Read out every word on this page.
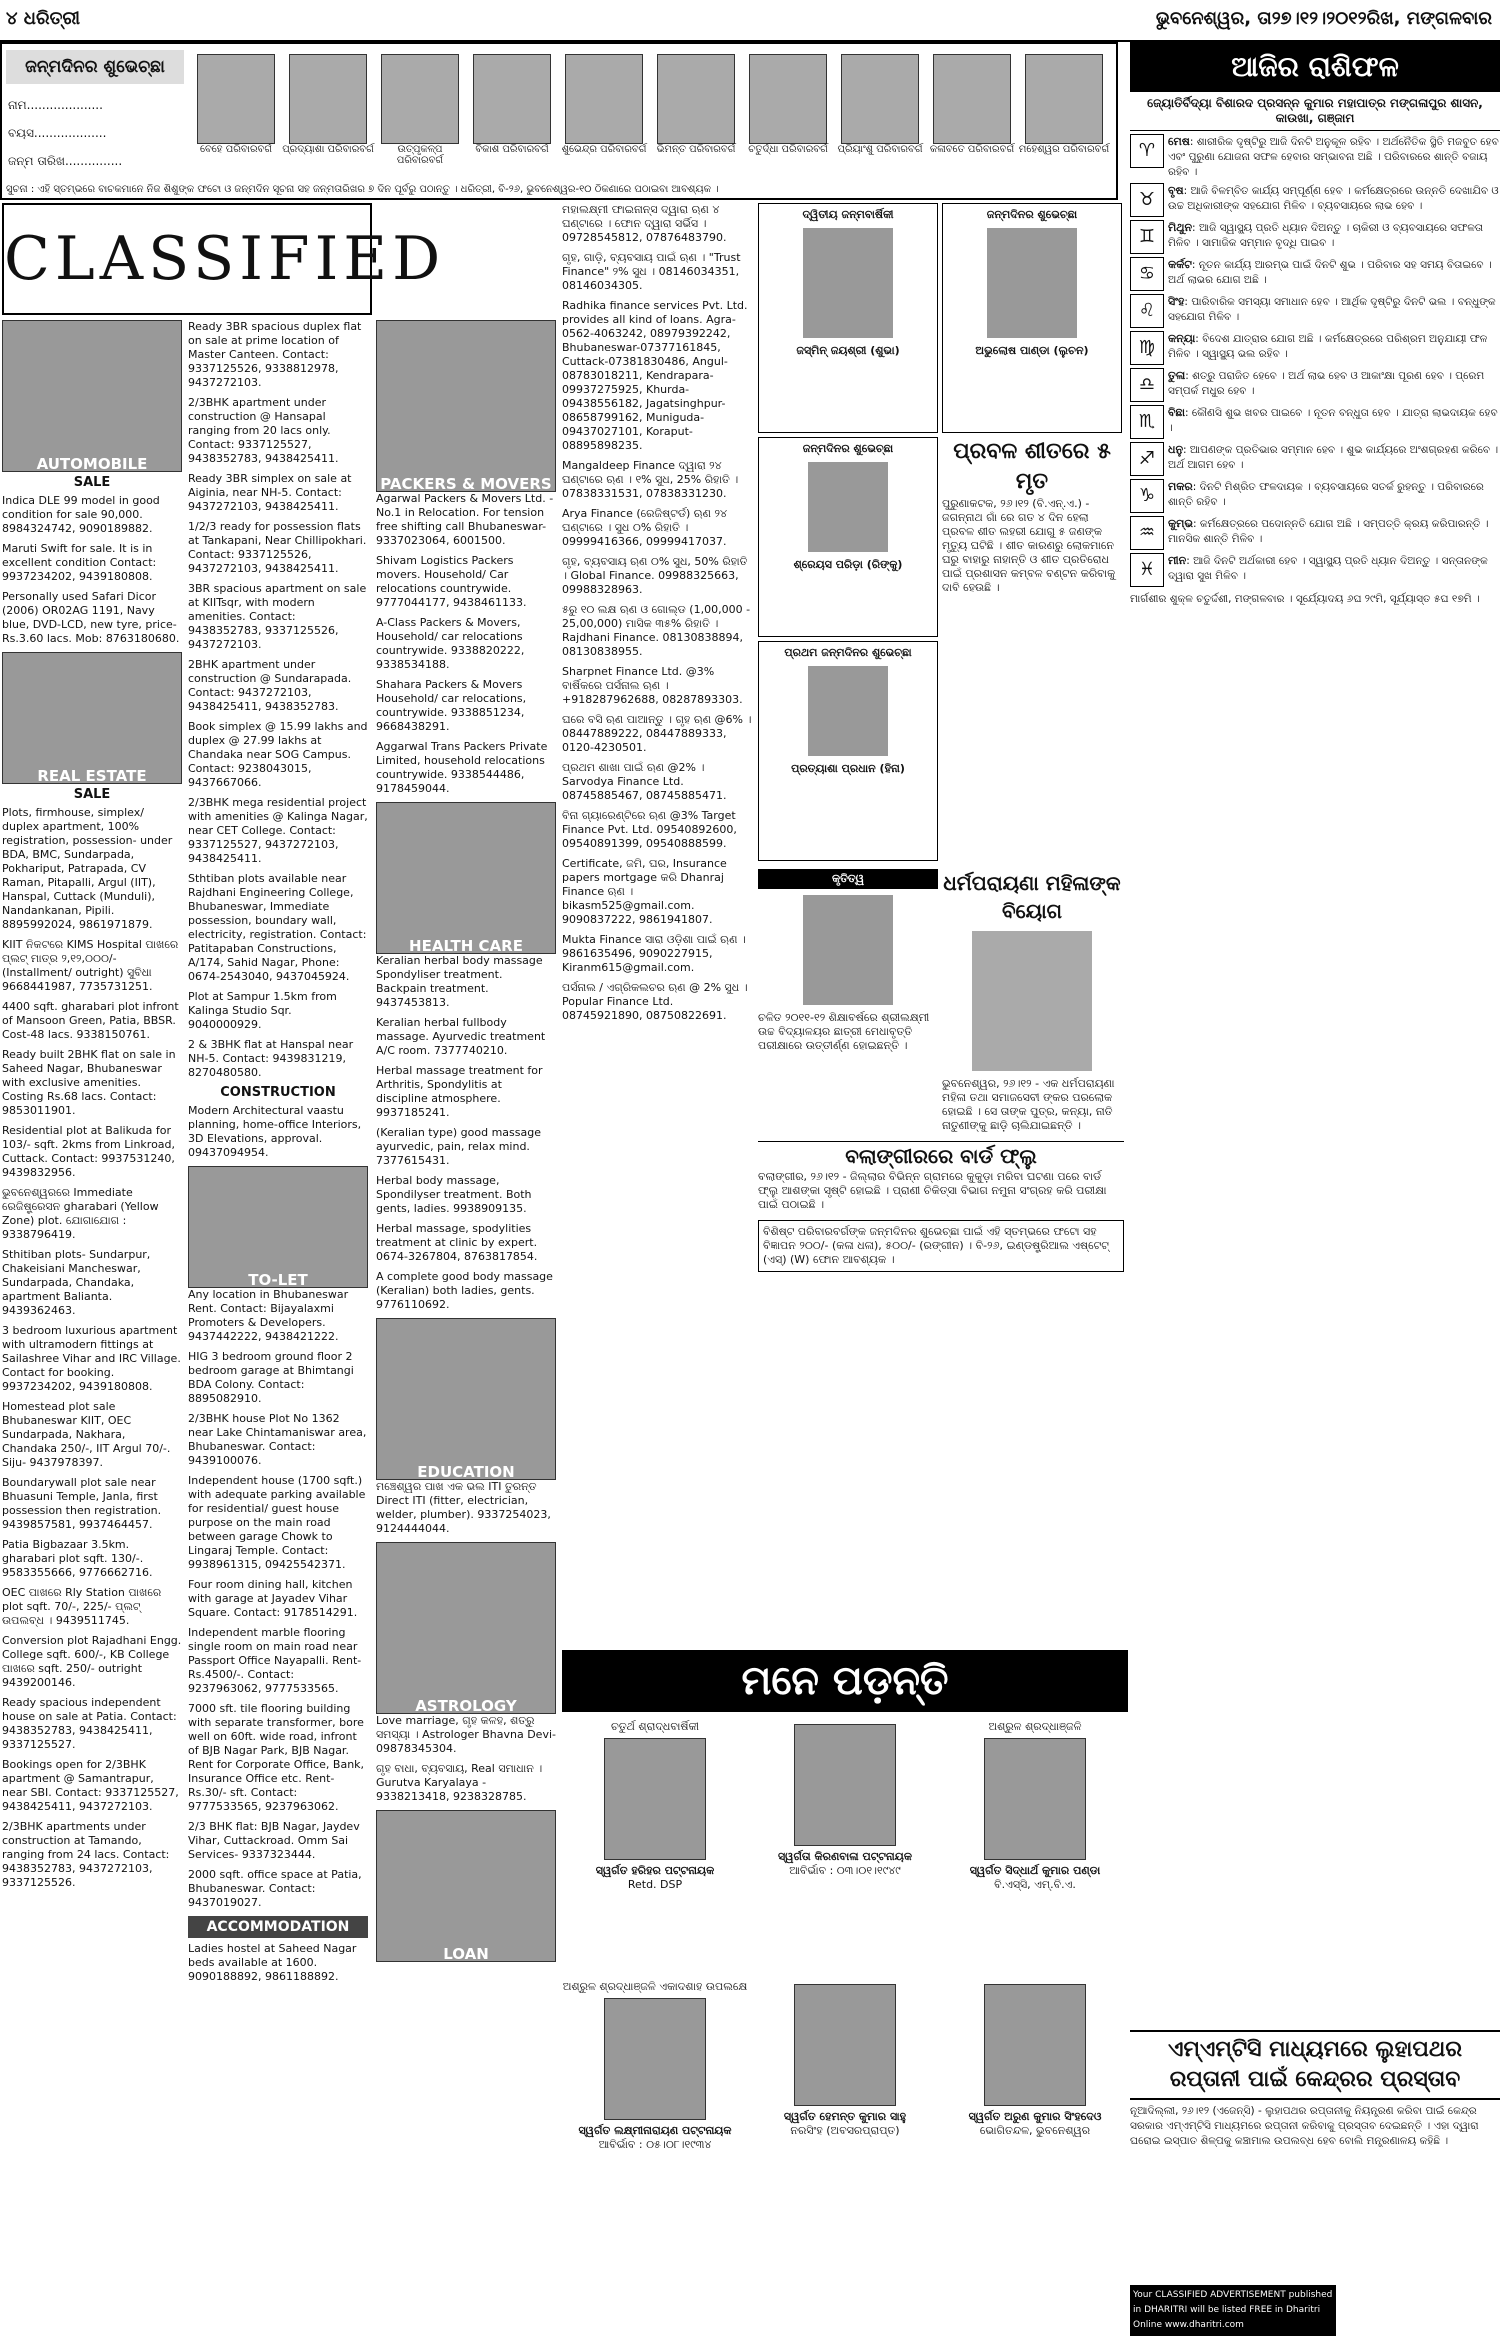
୪ ଧରିତ୍ରୀ	ଭୁବନେଶ୍ୱର, ତା୨୭।୧୨।୨୦୧୨ରିଖ, ମଙ୍ଗଳବାର
ଜନ୍ମଦିନର ଶୁଭେଚ୍ଛା
ନାମ....................
ବୟସ...................
ଜନ୍ମ ତାରିଖ...............
ବେହେ ପରିବାରବର୍ଗ ପ୍ରଦ୍ୟାଶା ପରିବାରବର୍ଗ	ଉତ୍ପୃକଳ୍ପ ପରିବାରବର୍ଗ
ବିକାଶ ପରିବାରବର୍ଗ ଶୁଭେନ୍ଦ୍ର ପରିବାରବର୍ଗ ଭିମନ୍ତ ପରିବାରବର୍ଗ ଚତୁର୍ଦ୍ଧା ପରିବାରବର୍ଗ ପ୍ରିୟାଂଶୁ ପରିବାରବର୍ଗ କଳାବତେ ପରିବାରବର୍ଗ ମହେଶ୍ୱର ପରିବାରବର୍ଗ
ସୁଚନା : ଏହି ସ୍ତମ୍ଭରେ ବାଚକମାନେ ନିଜ ଶିଶୁଙ୍କ ଫଟୋ ଓ ଜନ୍ମଦିନ ସୂଚନା ସହ ଜନ୍ମତାରିଖର ୭ ଦିନ ପୂର୍ବରୁ ପଠାନ୍ତୁ । ଧରିତ୍ରୀ, ବି-୨୬, ଭୁବନେଶ୍ୱର-୧୦ ଠିକଣାରେ ପଠାଇବା ଆବଶ୍ୟକ ।
CLASSIFIED
AUTOMOBILE
SALE

Indica DLE 99 model in good condition for sale 90,000. 8984324742, 9090189882.

Maruti Swift for sale. It is in excellent condition Contact: 9937234202, 9439180808.

Personally used Safari Dicor (2006) OR02AG 1191, Navy blue, DVD-LCD, new tyre, price- Rs.3.60 lacs. Mob: 8763180680.

REAL ESTATE
SALE

Plots, firmhouse, simplex/ duplex apartment, 100% registration, possession- under BDA, BMC, Sundarpada, Pokhariput, Patrapada, CV Raman, Pitapalli, Argul (IIT), Hanspal, Cuttack (Munduli), Nandankanan, Pipili. 8895992024, 9861971879.

KIIT ନିକଟରେ KIMS Hospital ପାଖରେ ପ୍ଲଟ୍ ମାତ୍ର ୨,୧୨,୦୦୦/- (Installment/ outright) ସୁବିଧା 9668441987, 7735731251.

4400 sqft. gharabari plot infront of Mansoon Green, Patia, BBSR. Cost-48 lacs. 9338150761.

Ready built 2BHK flat on sale in Saheed Nagar, Bhubaneswar with exclusive amenities. Costing Rs.68 lacs. Contact: 9853011901.

Residential plot at Balikuda for 103/- sqft. 2kms from Linkroad, Cuttack. Contact: 9937531240, 9439832956.

ଭୁବନେଶ୍ୱରରେ Immediate ରେଜିଷ୍ଟ୍ରେସନ gharabari (Yellow Zone) plot. ଯୋଗାଯୋଗ : 9338796419.

Sthitiban plots- Sundarpur, Chakeisiani Mancheswar, Sundarpada, Chandaka, apartment Balianta. 9439362463.

3 bedroom luxurious apartment with ultramodern fittings at Sailashree Vihar and IRC Village. Contact for booking. 9937234202, 9439180808.

Homestead plot sale Bhubaneswar KIIT, OEC Sundarpada, Nakhara, Chandaka 250/-, IIT Argul 70/-. Siju- 9437978397.

Boundarywall plot sale near Bhuasuni Temple, Janla, first possession then registration. 9439857581, 9937464457.

Patia Bigbazaar 3.5km. gharabari plot sqft. 130/-. 9583355666, 9776662716.

OEC ପାଖରେ Rly Station ପାଖରେ plot sqft. 70/-, 225/- ପ୍ଲଟ୍ ଉପଲବ୍ଧ । 9439511745.

Conversion plot Rajadhani Engg. College sqft. 600/-, KB College ପାଖରେ sqft. 250/- outright 9439200146.

Ready spacious independent house on sale at Patia. Contact: 9438352783, 9438425411, 9337125527.

Bookings open for 2/3BHK apartment @ Samantrapur, near SBI. Contact: 9337125527, 9438425411, 9437272103.

2/3BHK apartments under construction at Tamando, ranging from 24 lacs. Contact: 9438352783, 9437272103, 9337125526.

Ready 3BR spacious duplex flat on sale at prime location of Master Canteen. Contact: 9337125526, 9338812978, 9437272103.

2/3BHK apartment under construction @ Hansapal ranging from 20 lacs only. Contact: 9337125527, 9438352783, 9438425411.

Ready 3BR simplex on sale at Aiginia, near NH-5. Contact: 9437272103, 9438425411.

1/2/3 ready for possession flats at Tankapani, Near Chillipokhari. Contact: 9337125526, 9437272103, 9438425411.

3BR spacious apartment on sale at KIITsqr, with modern amenities. Contact: 9438352783, 9337125526, 9437272103.

2BHK apartment under construction @ Sundarapada. Contact: 9437272103, 9438425411, 9438352783.

Book simplex @ 15.99 lakhs and duplex @ 27.99 lakhs at Chandaka near SOG Campus. Contact: 9238043015, 9437667066.

2/3BHK mega residential project with amenities @ Kalinga Nagar, near CET College. Contact: 9337125527, 9437272103, 9438425411.

Sthtiban plots available near Rajdhani Engineering College, Bhubaneswar, Immediate possession, boundary wall, electricity, registration. Contact: Patitapaban Constructions, A/174, Sahid Nagar, Phone: 0674-2543040, 9437045924.

Plot at Sampur 1.5km from Kalinga Studio Sqr. 9040000929.

2 & 3BHK flat at Hanspal near NH-5. Contact: 9439831219, 8270480580.

CONSTRUCTION

Modern Architectural vaastu planning, home-office Interiors, 3D Elevations, approval. 09437094954.

TO-LET

Any location in Bhubaneswar Rent. Contact: Bijayalaxmi Promoters & Developers. 9437442222, 9438421222.

HIG 3 bedroom ground floor 2 bedroom garage at Bhimtangi BDA Colony. Contact: 8895082910.

2/3BHK house Plot No 1362 near Lake Chintamaniswar area, Bhubaneswar. Contact: 9439100076.

Independent house (1700 sqft.) with adequate parking available for residential/ guest house purpose on the main road between garage Chowk to Lingaraj Temple. Contact: 9938961315, 09425542371.

Four room dining hall, kitchen with garage at Jayadev Vihar Square. Contact: 9178514291.

Independent marble flooring single room on main road near Passport Office Nayapalli. Rent-Rs.4500/-. Contact: 9237963062, 9777533565.

7000 sft. tile flooring building with separate transformer, bore well on 60ft. wide road, infront of BJB Nagar Park, BJB Nagar. Rent for Corporate Office, Bank, Insurance Office etc. Rent- Rs.30/- sft. Contact: 9777533565, 9237963062.

2/3 BHK flat: BJB Nagar, Jaydev Vihar, Cuttackroad. Omm Sai Services- 9337323444.

2000 sqft. office space at Patia, Bhubaneswar. Contact: 9437019027.

ACCOMMODATION

Ladies hostel at Saheed Nagar beds available at 1600. 9090188892, 9861188892.

PACKERS & MOVERS

Agarwal Packers & Movers Ltd. - No.1 in Relocation. For tension free shifting call Bhubaneswar- 9337023064, 6001500.

Shivam Logistics Packers movers. Household/ Car relocations countrywide. 9777044177, 9438461133.

A-Class Packers & Movers, Household/ car relocations countrywide. 9338820222, 9338534188.

Shahara Packers & Movers Household/ car relocations, countrywide. 9338851234, 9668438291.

Aggarwal Trans Packers Private Limited, household relocations countrywide. 9338544486, 9178459044.

HEALTH CARE

Keralian herbal body massage Spondyliser treatment. Backpain treatment. 9437453813.

Keralian herbal fullbody massage. Ayurvedic treatment A/C room. 7377740210.

Herbal massage treatment for Arthritis, Spondylitis at discipline atmosphere. 9937185241.

(Keralian type) good massage ayurvedic, pain, relax mind. 7377615431.

Herbal body massage, Spondilyser treatment. Both gents, ladies. 9938909135.

Herbal massage, spodylities treatment at clinic by expert. 0674-3267804, 8763817854.

A complete good body massage (Keralian) both ladies, gents. 9776110692.

EDUCATION

ମଞ୍ଚେଶ୍ୱର ପାଖ ଏକ ଭଲ ITI ତୁରନ୍ତ Direct ITI (fitter, electrician, welder, plumber). 9337254023, 9124444044.

ASTROLOGY

Love marriage, ଗୃହ କଳହ, ଶତ୍ରୁ ସମସ୍ୟା । Astrologer Bhavna Devi- 09878345304.

ଗୃହ ବାଧା, ବ୍ୟବସାୟ, Real ସମାଧାନ । Gurutva Karyalaya - 9338213418, 9238328785.

LOAN

ମହାଲକ୍ଷ୍ମୀ ଫାଇନାନ୍ସ ଦ୍ୱାରା ଋଣ ୪ ଘଣ୍ଟାରେ । ଫୋନ ଦ୍ୱାରା ସର୍ଭିସ । 09728545812, 07876483790.

ଗୃହ, ଗାଡ଼ି, ବ୍ୟବସାୟ ପାଇଁ ଋଣ । "Trust Finance" ୨% ସୁଧ । 08146034351, 08146034305.

Radhika finance services Pvt. Ltd. provides all kind of loans. Agra-0562-4063242, 08979392242, Bhubaneswar-07377161845, Cuttack-07381830486, Angul-08783018211, Kendrapara-09937275925, Khurda-09438556182, Jagatsinghpur-08658799162, Muniguda-09437027101, Koraput-08895898235.

Mangaldeep Finance ଦ୍ୱାରା ୨୪ ଘଣ୍ଟାରେ ଋଣ । ୧% ସୁଧ, 25% ରିହାତି । 07838331531, 07838331230.

Arya Finance (ରେଜିଷ୍ଟର୍ଡ) ଋଣ ୨୪ ଘଣ୍ଟାରେ । ସୁଧ ୦% ରିହାତି । 09999416366, 09999417037.

ଗୃହ, ବ୍ୟବସାୟ ଋଣ ୦% ସୁଧ, 50% ରିହାତି । Global Finance. 09988325663, 09988328963.

୫ରୁ ୧୦ ଲକ୍ଷ ଋଣ ଓ ଗୋଲ୍ଡ (1,00,000 - 25,00,000) ମାସିକ ୩୫% ରିହାତି । Rajdhani Finance. 08130838894, 08130838955.

Sharpnet Finance Ltd. @3% ବାର୍ଷିକରେ ପର୍ସନାଲ ଋଣ । +918287962688, 08287893303.

ଘରେ ବସି ଋଣ ପାଆନ୍ତୁ । ଗୃହ ଋଣ @6% । 08447889222, 08447889333, 0120-4230501.

ପ୍ରଥମ ଶାଖା ପାଇଁ ଋଣ @2% । Sarvodya Finance Ltd. 08745885467, 08745885471.

ବିନା ଗ୍ୟାରେଣ୍ଟିରେ ଋଣ @3% Target Finance Pvt. Ltd. 09540892600, 09540891399, 09540888599.

Certificate, ଜମି, ଘର, Insurance papers mortgage କରି Dhanraj Finance ଋଣ । bikasm525@gmail.com. 9090837222, 9861941807.

Mukta Finance ସାରା ଓଡ଼ିଶା ପାଇଁ ଋଣ । 9861635496, 9090227915, Kiranm615@gmail.com.

ପର୍ସନାଲ / ଏଗ୍ରିକଲଚର ଋଣ @ 2% ସୁଧ । Popular Finance Ltd. 08745921890, 08750822691.

ଦ୍ୱିତୀୟ ଜନ୍ମବାର୍ଷିକୀ
ଜସ୍ମିନ୍ ଜୟଶ୍ରୀ (ଶୁଭା)
ଜନ୍ମଦିନର ଶୁଭେଚ୍ଛା
ଅଭୁଲୋଷ ପାଣ୍ଡା (ଲୁଚନ)
ଜନ୍ମଦିନର ଶୁଭେଚ୍ଛା
ଶ୍ରେୟସ ପରିଡ଼ା (ରିଙ୍କୁ)
ପ୍ରଥମ ଜନ୍ମଦିନର ଶୁଭେଚ୍ଛା
ପ୍ରତ୍ୟାଶା ପ୍ରଧାନ (ହିନା)
ପ୍ରବଳ ଶୀତରେ ୫ ମୃତ
ପୁରୁଣାକଟକ, ୨୬।୧୨ (ବି.ଏନ୍.ଏ.) - ଜଗନ୍ନାଥ ଗାଁ ରେ ଗତ ୪ ଦିନ ହେଲା ପ୍ରବଳ ଶୀତ ଲହରୀ ଯୋଗୁ ୫ ଜଣଙ୍କ ମୃତ୍ୟୁ ଘଟିଛି । ଶୀତ କାରଣରୁ ଲୋକମାନେ ଘରୁ ବାହାରୁ ନାହାନ୍ତି ଓ ଶୀତ ପ୍ରତିରୋଧ ପାଇଁ ପ୍ରଶାସନ କମ୍ବଳ ବଣ୍ଟନ କରିବାକୁ ଦାବି ହେଉଛି ।
କୃତିତ୍ୱ
ଚଳିତ ୨୦୧୧-୧୨ ଶିକ୍ଷାବର୍ଷରେ ଶ୍ରୀଲକ୍ଷ୍ମୀ ଉଚ୍ଚ ବିଦ୍ୟାଳୟର ଛାତ୍ରୀ ମେଧାବୃତ୍ତି ପରୀକ୍ଷାରେ ଉତ୍ତୀର୍ଣ୍ଣ ହୋଇଛନ୍ତି ।
ଧର୍ମପରାୟଣା ମହିଳାଙ୍କ ବିୟୋଗ
ଭୁବନେଶ୍ୱର, ୨୬।୧୨ - ଏକ ଧର୍ମପରାୟଣା ମହିଳା ତଥା ସମାଜସେବୀ ଙ୍କର ପରଲୋକ ହୋଇଛି । ସେ ତାଙ୍କ ପୁତ୍ର, କନ୍ୟା, ନାତି ନାତୁଣୀଙ୍କୁ ଛାଡ଼ି ଚାଲିଯାଇଛନ୍ତି ।
ବଲାଙ୍ଗୀରରେ ବାର୍ଡ ଫ୍ଲୁ
ବଲାଙ୍ଗୀର, ୨୬।୧୨ - ଜିଲ୍ଲାର ବିଭିନ୍ନ ଗ୍ରାମରେ କୁକୁଡ଼ା ମରିବା ଘଟଣା ପରେ ବାର୍ଡ ଫ୍ଲୁ ଆଶଙ୍କା ସୃଷ୍ଟି ହୋଇଛି । ପ୍ରାଣୀ ଚିକିତ୍ସା ବିଭାଗ ନମୁନା ସଂଗ୍ରହ କରି ପରୀକ୍ଷା ପାଇଁ ପଠାଇଛି ।
ବିଶିଷ୍ଟ ପରିବାରବର୍ଗଙ୍କ ଜନ୍ମଦିନର ଶୁଭେଚ୍ଛା ପାଇଁ ଏହି ସ୍ତମ୍ଭରେ ଫଟୋ ସହ ବିଜ୍ଞାପନ ୨୦୦/- (କଳା ଧଳା), ୫୦୦/- (ରଙ୍ଗୀନ) । ବି-୨୬, ଇଣ୍ଡଷ୍ଟ୍ରିଆଲ ଏଷ୍ଟେଟ୍ (ଏସ୍) (W) ଫୋନ ଆବଶ୍ୟକ ।
ମନେ ପଡ଼ନ୍ତି
ଚତୁର୍ଥ ଶ୍ରାଦ୍ଧବାର୍ଷିକୀ
ସ୍ୱର୍ଗତ ହରିହର ପଟ୍ଟନାୟକ
Retd. DSP
ସ୍ୱର୍ଗତା କିରଣବାଳା ପଟ୍ଟନାୟକ
ଆବିର୍ଭାବ : ୦୩।୦୧।୧୯୪୯
ଅଶ୍ରୁଳ ଶ୍ରଦ୍ଧାଞ୍ଜଳି
ସ୍ୱର୍ଗତ ସିଦ୍ଧାର୍ଥ କୁମାର ପଣ୍ଡା
ବି.ଏସ୍‌ସି, ଏମ୍.ବି.ଏ.
ଅଶ୍ରୁଳ ଶ୍ରଦ୍ଧାଞ୍ଜଳି ଏକାଦଶାହ ଉପଲକ୍ଷେ
ସ୍ୱର୍ଗତ ଲକ୍ଷ୍ମୀନାରାୟଣ ପଟ୍ଟନାୟକ
ଆବିର୍ଭାବ : ୦୫।୦୮।୧୯୩୪
ସ୍ୱର୍ଗତ ହେମନ୍ତ କୁମାର ସାହୁ
ନରସିଂହ (ଅବସରପ୍ରାପ୍ତ)
ସ୍ୱର୍ଗତ ଅରୁଣ କୁମାର ସିଂହଦେଓ
ଭୋଗିତନ୍ଦଳ, ଭୁବନେଶ୍ୱର
ଆଜିର ରାଶିଫଳ
ଜ୍ୟୋତିର୍ବିଦ୍ୟା ବିଶାରଦ ପ୍ରସନ୍ନ କୁମାର ମହାପାତ୍ର ମଙ୍ଗଳାପୁର ଶାସନ, କାଉଖା, ଗଞ୍ଜାମ
♈	ମେଷ: ଶାରୀରିକ ଦୃଷ୍ଟିରୁ ଆଜି ଦିନଟି ଅନୁକୂଳ ରହିବ । ଅର୍ଥନୈତିକ ସ୍ଥିତି ମଜବୁତ ହେବ ଏବଂ ପୁରୁଣା ଯୋଜନା ସଫଳ ହେବାର ସମ୍ଭାବନା ଅଛି । ପରିବାରରେ ଶାନ୍ତି ବଜାୟ ରହିବ ।
♉	ବୃଷ: ଆଜି ବିଳମ୍ବିତ କାର୍ଯ୍ୟ ସମ୍ପୂର୍ଣ୍ଣ ହେବ । କର୍ମକ୍ଷେତ୍ରରେ ଉନ୍ନତି ଦେଖାଯିବ ଓ ଉଚ୍ଚ ଅଧିକାରୀଙ୍କ ସହଯୋଗ ମିଳିବ । ବ୍ୟବସାୟରେ ଲାଭ ହେବ ।
♊	ମିଥୁନ: ଆଜି ସ୍ୱାସ୍ଥ୍ୟ ପ୍ରତି ଧ୍ୟାନ ଦିଅନ୍ତୁ । ଚାକିରୀ ଓ ବ୍ୟବସାୟରେ ସଫଳତା ମିଳିବ । ସାମାଜିକ ସମ୍ମାନ ବୃଦ୍ଧି ପାଇବ ।
♋	କର୍କଟ: ନୂତନ କାର୍ଯ୍ୟ ଆରମ୍ଭ ପାଇଁ ଦିନଟି ଶୁଭ । ପରିବାର ସହ ସମୟ ବିତାଇବେ । ଅର୍ଥ ଲାଭର ଯୋଗ ଅଛି ।
♌	ସିଂହ: ପାରିବାରିକ ସମସ୍ୟା ସମାଧାନ ହେବ । ଆର୍ଥିକ ଦୃଷ୍ଟିରୁ ଦିନଟି ଭଲ । ବନ୍ଧୁଙ୍କ ସହଯୋଗ ମିଳିବ ।
♍	କନ୍ୟା: ବିଦେଶ ଯାତ୍ରାର ଯୋଗ ଅଛି । କର୍ମକ୍ଷେତ୍ରରେ ପରିଶ୍ରମ ଅନୁଯାୟୀ ଫଳ ମିଳିବ । ସ୍ୱାସ୍ଥ୍ୟ ଭଲ ରହିବ ।
♎	ତୁଳା: ଶତ୍ରୁ ପରାଜିତ ହେବେ । ଅର୍ଥ ଲାଭ ହେବ ଓ ଆକାଂକ୍ଷା ପୂରଣ ହେବ । ପ୍ରେମ ସମ୍ପର୍କ ମଧୁର ହେବ ।
♏	ବିଛା: କୌଣସି ଶୁଭ ଖବର ପାଇବେ । ନୂତନ ବନ୍ଧୁତା ହେବ । ଯାତ୍ରା ଲାଭଦାୟକ ହେବ ।
♐	ଧନୁ: ଆପଣଙ୍କ ପ୍ରତିଭାର ସମ୍ମାନ ହେବ । ଶୁଭ କାର୍ଯ୍ୟରେ ଅଂଶଗ୍ରହଣ କରିବେ । ଅର୍ଥ ଆଗମ ହେବ ।
♑	ମକର: ଦିନଟି ମିଶ୍ରିତ ଫଳଦାୟକ । ବ୍ୟବସାୟରେ ସତର୍କ ରୁହନ୍ତୁ । ପରିବାରରେ ଶାନ୍ତି ରହିବ ।
♒	କୁମ୍ଭ: କର୍ମକ୍ଷେତ୍ରରେ ପଦୋନ୍ନତି ଯୋଗ ଅଛି । ସମ୍ପତ୍ତି କ୍ରୟ କରିପାରନ୍ତି । ମାନସିକ ଶାନ୍ତି ମିଳିବ ।
♓	ମୀନ: ଆଜି ଦିନଟି ଅର୍ଥକାରୀ ହେବ । ସ୍ୱାସ୍ଥ୍ୟ ପ୍ରତି ଧ୍ୟାନ ଦିଅନ୍ତୁ । ସନ୍ତାନଙ୍କ ଦ୍ୱାରା ସୁଖ ମିଳିବ ।
ମାର୍ଗଶୀର ଶୁକ୍ଳ ଚତୁର୍ଦ୍ଦଶୀ, ମଙ୍ଗଳବାର । ସୂର୍ଯ୍ୟୋଦୟ ୬ଘ ୨୯ମି, ସୂର୍ଯ୍ୟାସ୍ତ ୫ଘ ୧୭ମି ।
ଏମ୍‌ଏମ୍‌ଟିସି ମାଧ୍ୟମରେ ଲୁହାପଥର ରପ୍ତାନୀ ପାଇଁ କେନ୍ଦ୍ରର ପ୍ରସ୍ତାବ
ନୂଆଦିଲ୍ଲୀ, ୨୬।୧୨ (ଏଜେନ୍ସି) - ଲୁହାପଥର ରପ୍ତାନୀକୁ ନିୟନ୍ତ୍ରଣ କରିବା ପାଇଁ କେନ୍ଦ୍ର ସରକାର ଏମ୍‌ଏମ୍‌ଟିସି ମାଧ୍ୟମରେ ରପ୍ତାନୀ କରିବାକୁ ପ୍ରସ୍ତାବ ଦେଇଛନ୍ତି । ଏହା ଦ୍ୱାରା ଘରୋଇ ଇସ୍ପାତ ଶିଳ୍ପକୁ କଞ୍ଚାମାଲ ଉପଲବ୍ଧ ହେବ ବୋଲି ମନ୍ତ୍ରଣାଳୟ କହିଛି ।
Your CLASSIFIED ADVERTISEMENT published in DHARITRI will be listed FREE in Dharitri Online www.dharitri.com
